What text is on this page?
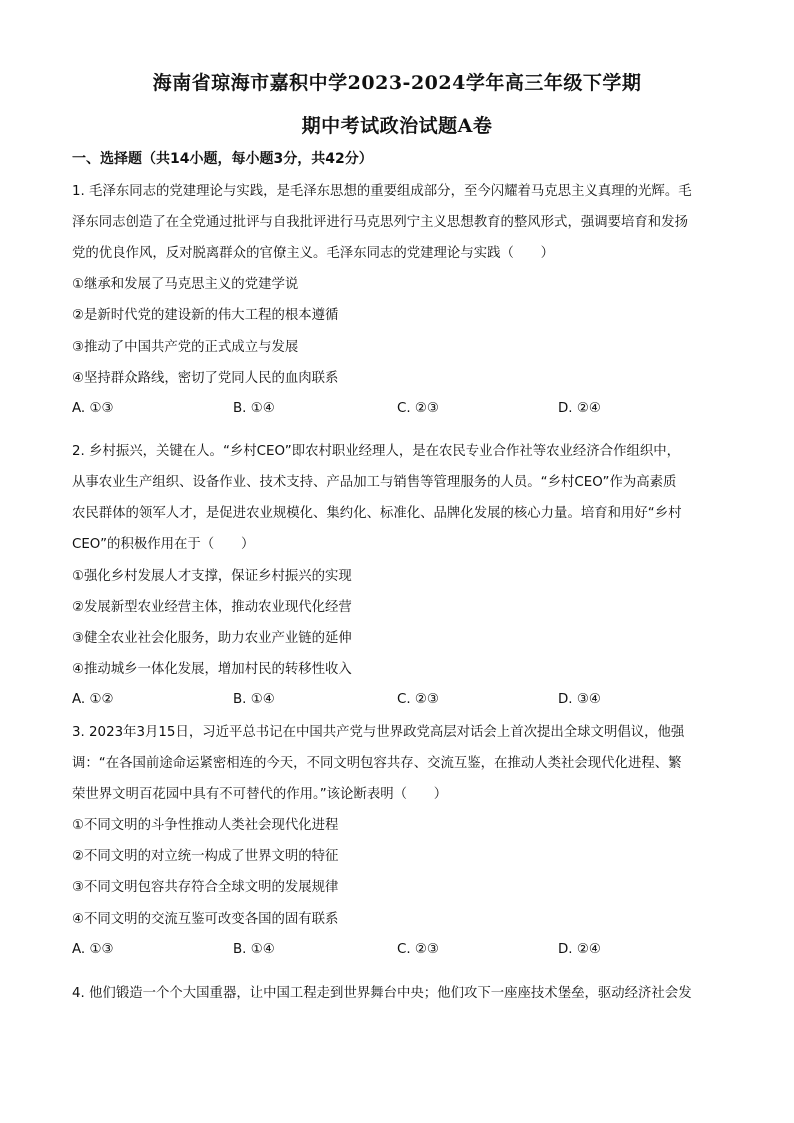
海南省琼海市嘉积中学2023-2024学年高三年级下学期
期中考试政治试题A卷
一、选择题（共14小题，每小题3分，共42分）
1. 毛泽东同志的党建理论与实践，是毛泽东思想的重要组成部分，至今闪耀着马克思主义真理的光辉。毛
泽东同志创造了在全党通过批评与自我批评进行马克思列宁主义思想教育的整风形式，强调要培育和发扬
党的优良作风，反对脱离群众的官僚主义。毛泽东同志的党建理论与实践（　　）
①继承和发展了马克思主义的党建学说
②是新时代党的建设新的伟大工程的根本遵循
③推动了中国共产党的正式成立与发展
④坚持群众路线，密切了党同人民的血肉联系
A. ①③	B. ①④	C. ②③	D. ②④
2. 乡村振兴，关键在人。“乡村CEO”即农村职业经理人，是在农民专业合作社等农业经济合作组织中，
从事农业生产组织、设备作业、技术支持、产品加工与销售等管理服务的人员。“乡村CEO”作为高素质
农民群体的领军人才，是促进农业规模化、集约化、标准化、品牌化发展的核心力量。培育和用好“乡村
CEO”的积极作用在于（　　）
①强化乡村发展人才支撑，保证乡村振兴的实现
②发展新型农业经营主体，推动农业现代化经营
③健全农业社会化服务，助力农业产业链的延伸
④推动城乡一体化发展，增加村民的转移性收入
A. ①②	B. ①④	C. ②③	D. ③④
3. 2023年3月15日，习近平总书记在中国共产党与世界政党高层对话会上首次提出全球文明倡议，他强
调：“在各国前途命运紧密相连的今天，不同文明包容共存、交流互鉴，在推动人类社会现代化进程、繁
荣世界文明百花园中具有不可替代的作用。”该论断表明（　　）
①不同文明的斗争性推动人类社会现代化进程
②不同文明的对立统一构成了世界文明的特征
③不同文明包容共存符合全球文明的发展规律
④不同文明的交流互鉴可改变各国的固有联系
A. ①③	B. ①④	C. ②③	D. ②④
4. 他们锻造一个个大国重器，让中国工程走到世界舞台中央；他们攻下一座座技术堡垒，驱动经济社会发
